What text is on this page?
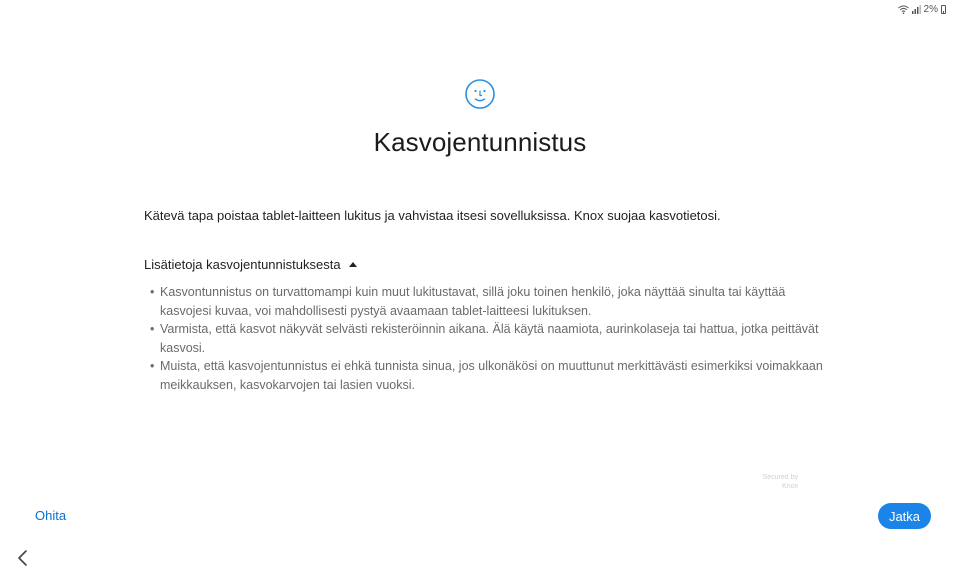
2%
Kasvojentunnistus
Kätevä tapa poistaa tablet-laitteen lukitus ja vahvistaa itsesi sovelluksissa. Knox suojaa kasvotietosi.
Lisätietoja kasvojentunnistuksesta
• Kasvontunnistus on turvattomampi kuin muut lukitustavat, sillä joku toinen henkilö, joka näyttää sinulta tai käyttää kasvojesi kuvaa, voi mahdollisesti pystyä avaamaan tablet-laitteesi lukituksen.
• Varmista, että kasvot näkyvät selvästi rekisteröinnin aikana. Älä käytä naamiota, aurinkolaseja tai hattua, jotka peittävät kasvosi.
• Muista, että kasvojentunnistus ei ehkä tunnista sinua, jos ulkonäkösi on muuttunut merkittävästi esimerkiksi voimakkaan meikkauksen, kasvokarvojen tai lasien vuoksi.
Secured by
Knox
Ohita	Jatka
